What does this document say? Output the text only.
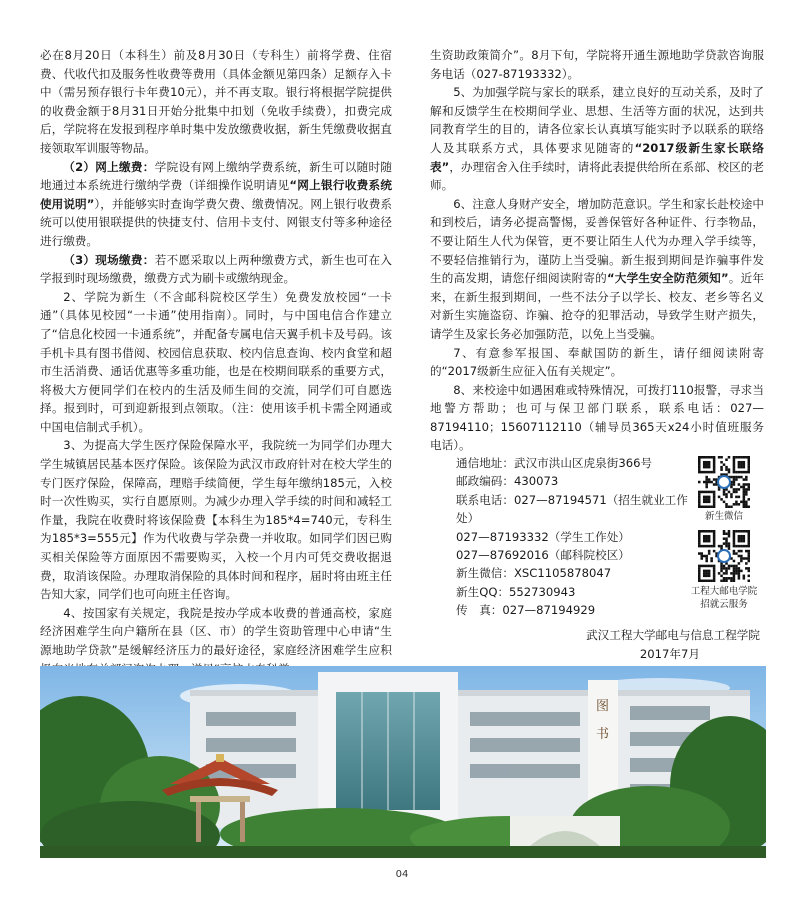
必在8月20日（本科生）前及8月30日（专科生）前将学费、住宿费、代收代扣及服务性收费等费用（具体金额见第四条）足额存入卡中（需另预存银行卡年费10元），并不再支取。银行将根据学院提供的收费金额于8月31日开始分批集中扣划（免收手续费），扣费完成后，学院将在发报到程序单时集中发放缴费收据，新生凭缴费收据直接领取军训服等物品。

（2）网上缴费：学院设有网上缴纳学费系统，新生可以随时随地通过本系统进行缴纳学费（详细操作说明请见“网上银行收费系统使用说明”），并能够实时查询学费欠费、缴费情况。网上银行收费系统可以使用银联提供的快捷支付、信用卡支付、网银支付等多种途径进行缴费。

（3）现场缴费：若不愿采取以上两种缴费方式，新生也可在入学报到时现场缴费，缴费方式为刷卡或缴纳现金。

2、学院为新生（不含邮科院校区学生）免费发放校园“一卡通”（具体见校园“一卡通”使用指南）。同时，与中国电信合作建立了“信息化校园一卡通系统”，并配备专属电信天翼手机卡及号码。该手机卡具有图书借阅、校园信息获取、校内信息查询、校内食堂和超市生活消费、通话优惠等多重功能，也是在校期间联系的重要方式，将极大方便同学们在校内的生活及师生间的交流，同学们可自愿选择。报到时，可到迎新报到点领取。（注：使用该手机卡需全网通或中国电信制式手机）。

3、为提高大学生医疗保险保障水平，我院统一为同学们办理大学生城镇居民基本医疗保险。该保险为武汉市政府针对在校大学生的专门医疗保险，保障高，理赔手续简便，学生每年缴纳185元，入校时一次性购买，实行自愿原则。为减少办理入学手续的时间和减轻工作量，我院在收费时将该保险费【本科生为185*4=740元，专科生为185*3=555元】作为代收费与学杂费一并收取。如同学们因已购买相关保险等方面原因不需要购买，入校一个月内可凭交费收据退费，取消该保险。办理取消保险的具体时间和程序，届时将由班主任告知大家，同学们也可向班主任咨询。

4、按国家有关规定，我院是按办学成本收费的普通高校，家庭经济困难学生向户籍所在县（区、市）的学生资助管理中心申请“生源地助学贷款”是缓解经济压力的最好途径，家庭经济困难学生应积

生资助政策简介”。8月下旬，学院将开通生源地助学贷款咨询服务电话（027-87193332）。

5、为加强学院与家长的联系，建立良好的互动关系，及时了解和反馈学生在校期间学业、思想、生活等方面的状况，达到共同教育学生的目的，请各位家长认真填写能实时予以联系的联络人及其联系方式，具体要求见随寄的“2017级新生家长联络表”，办理宿舍入住手续时，请将此表提供给所在系部、校区的老师。

6、注意人身财产安全，增加防范意识。学生和家长赴校途中和到校后，请务必提高警惕，妥善保管好各种证件、行李物品，不要让陌生人代为保管，更不要让陌生人代为办理入学手续等，不要轻信推销行为，谨防上当受骗。新生报到期间是诈骗事件发生的高发期，请您仔细阅读附寄的“大学生安全防范须知”。近年来，在新生报到期间，一些不法分子以学长、校友、老乡等名义对新生实施盗窃、诈骗、抢夺的犯罪活动，导致学生财产损失，请学生及家长务必加强防范，以免上当受骗。

7、有意参军报国、奉献国防的新生，请仔细阅读附寄的“2017级新生应征入伍有关规定”。

8、来校途中如遇困难或特殊情况，可拨打110报警，寻求当地警方帮助；也可与保卫部门联系，联系电话：027—87194110；15607112110（辅导员365天x24小时值班服务电话）。

通信地址：武汉市洪山区虎泉街366号

邮政编码：430073

联系电话：027—87194571（招生就业工作处）

027—87193332（学生工作处）

027—87692016（邮科院校区）

新生微信：XSC1105878047

新生QQ：552730943

传　真：027—87194929

新生微信
工程大邮电学院
招就云服务
武汉工程大学邮电与信息工程学院
2017年7月
图
书
04
